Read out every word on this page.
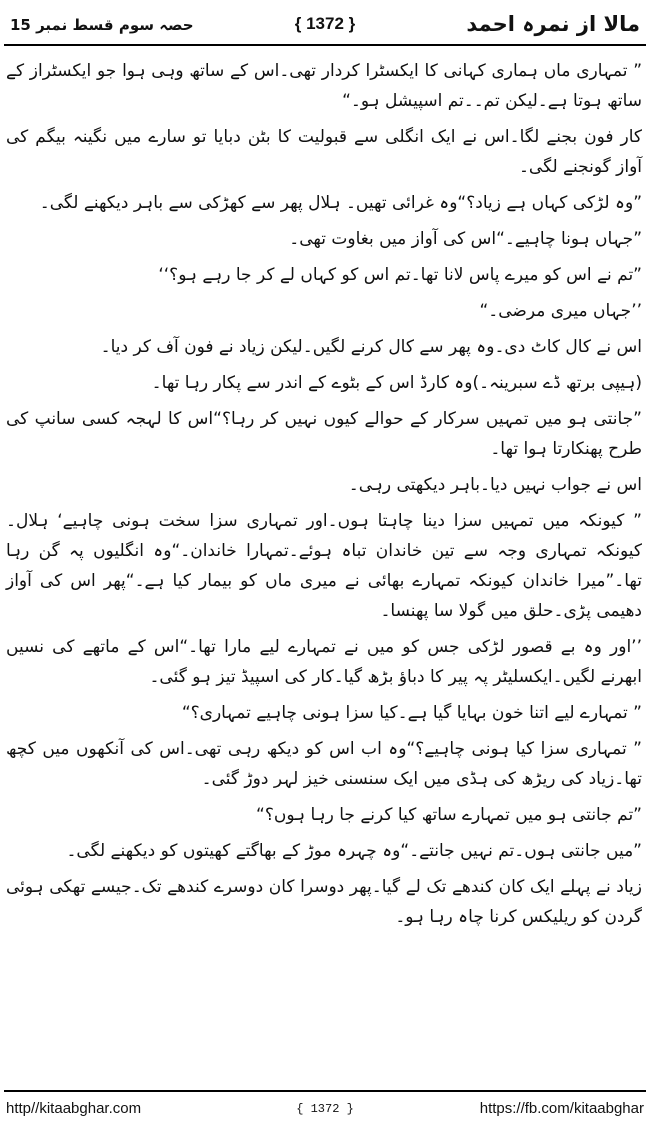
مالا از نمرہ احمد
{ 1372 }
حصہ سوم قسط نمبر 15

” تمہاری ماں ہماری کہانی کا ایکسٹرا کردار تھی۔اس کے ساتھ وہی ہوا جو ایکسٹراز کے ساتھ ہوتا ہے۔لیکن تم۔۔تم اسپیشل ہو۔“

کار فون بجنے لگا۔اس نے ایک انگلی سے قبولیت کا بٹن دبایا تو سارے میں نگینہ بیگم کی آواز گونجنے لگی۔

”وہ لڑکی کہاں ہے زیاد؟“وہ غرائی تھیں۔ ہلال پھر سے کھڑکی سے باہر دیکھنے لگی۔

”جہاں ہونا چاہیے۔“اس کی آواز میں بغاوت تھی۔

”تم نے اس کو میرے پاس لانا تھا۔تم اس کو کہاں لے کر جا رہے ہو؟‘‘

’’جہاں میری مرضی۔“

اس نے کال کاٹ دی۔وہ پھر سے کال کرنے لگیں۔لیکن زیاد نے فون آف کر دیا۔

(ہیپی برتھ ڈے سبرینہ۔)وہ کارڈ اس کے بٹوے کے اندر سے پکار رہا تھا۔

”جانتی ہو میں تمہیں سرکار کے حوالے کیوں نہیں کر رہا؟“اس کا لہجہ کسی سانپ کی طرح پھنکارتا ہوا تھا۔

اس نے جواب نہیں دیا۔باہر دیکھتی رہی۔

” کیونکہ میں تمہیں سزا دینا چاہتا ہوں۔اور تمہاری سزا سخت ہونی چاہیے‘ ہلال۔ کیونکہ تمہاری وجہ سے تین خاندان تباہ ہوئے۔تمہارا خاندان۔“وہ انگلیوں پہ گن رہا تھا۔”میرا خاندان کیونکہ تمہارے بھائی نے میری ماں کو بیمار کیا ہے۔“پھر اس کی آواز دھیمی پڑی۔حلق میں گولا سا پھنسا۔

’’اور وہ بے قصور لڑکی جس کو میں نے تمہارے لیے مارا تھا۔“اس کے ماتھے کی نسیں ابھرنے لگیں۔ایکسلیٹر پہ پیر کا دباؤ بڑھ گیا۔کار کی اسپیڈ تیز ہو گئی۔

” تمہارے لیے اتنا خون بہایا گیا ہے۔کیا سزا ہونی چاہیے تمہاری؟“

” تمہاری سزا کیا ہونی چاہیے؟“وہ اب اس کو دیکھ رہی تھی۔اس کی آنکھوں میں کچھ تھا۔زیاد کی ریڑھ کی ہڈی میں ایک سنسنی خیز لہر دوڑ گئی۔

”تم جانتی ہو میں تمہارے ساتھ کیا کرنے جا رہا ہوں؟“

”میں جانتی ہوں۔تم نہیں جانتے۔“وہ چہرہ موڑ کے بھاگتے کھیتوں کو دیکھنے لگی۔

زیاد نے پہلے ایک کان کندھے تک لے گیا۔پھر دوسرا کان دوسرے کندھے تک۔جیسے تھکی ہوئی گردن کو ریلیکس کرنا چاہ رہا ہو۔

http//kitaabghar.com	{ 1372 }	https://fb.com/kitaabghar
